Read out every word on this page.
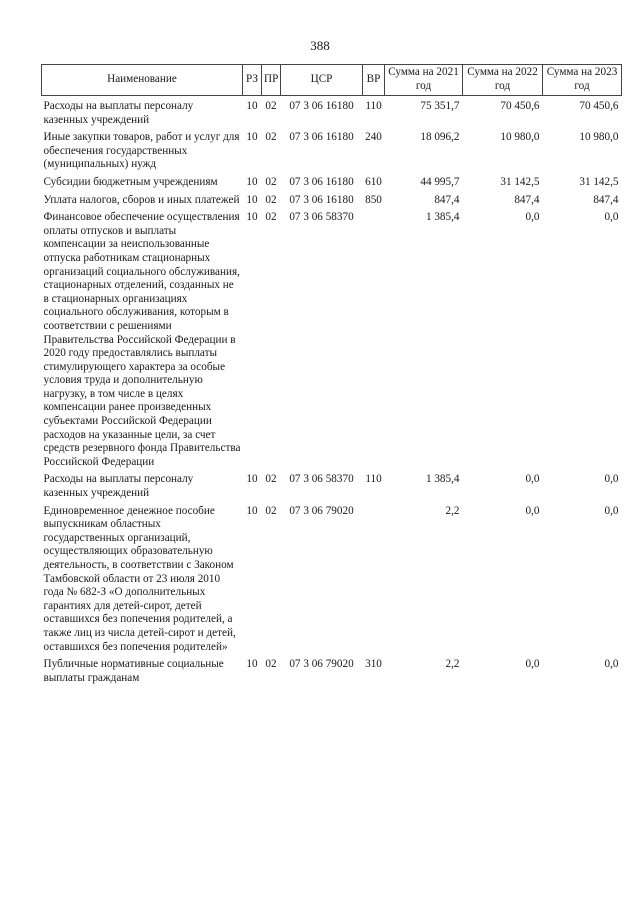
388
Наименование	РЗ	ПР	ЦСР	ВР	Сумма на 2021 год	Сумма на 2022 год	Сумма на 2023 год

Расходы на выплаты персоналу казенных учреждений	10	02	07 3 06 16180	110	75 351,7	70 450,6	70 450,6

Иные закупки товаров, работ и услуг для обеспечения государственных (муниципальных) нужд	10	02	07 3 06 16180	240	18 096,2	10 980,0	10 980,0

Субсидии бюджетным учреждениям	10	02	07 3 06 16180	610	44 995,7	31 142,5	31 142,5

Уплата налогов, сборов и иных платежей	10	02	07 3 06 16180	850	847,4	847,4	847,4

Финансовое обеспечение осуществления оплаты отпусков и выплаты компенсации за неиспользованные отпуска работникам стационарных организаций социального обслуживания, стационарных отделений, созданных не в стационарных организациях социального обслуживания, которым в соответствии с решениями Правительства Российской Федерации в 2020 году предоставлялись выплаты стимулирующего характера за особые условия труда и дополнительную нагрузку, в том числе в целях компенсации ранее произведенных субъектами Российской Федерации расходов на указанные цели, за счет средств резервного фонда Правительства Российской Федерации	10	02	07 3 06 58370		1 385,4	0,0	0,0

Расходы на выплаты персоналу казенных учреждений	10	02	07 3 06 58370	110	1 385,4	0,0	0,0

Единовременное денежное пособие выпускникам областных государственных организаций, осуществляющих образовательную деятельность, в соответствии с Законом Тамбовской области от 23 июля 2010 года № 682-З «О дополнительных гарантиях для детей-сирот, детей оставшихся без попечения родителей, а также лиц из числа детей-сирот и детей, оставшихся без попечения родителей»	10	02	07 3 06 79020		2,2	0,0	0,0

Публичные нормативные социальные выплаты гражданам	10	02	07 3 06 79020	310	2,2	0,0	0,0
